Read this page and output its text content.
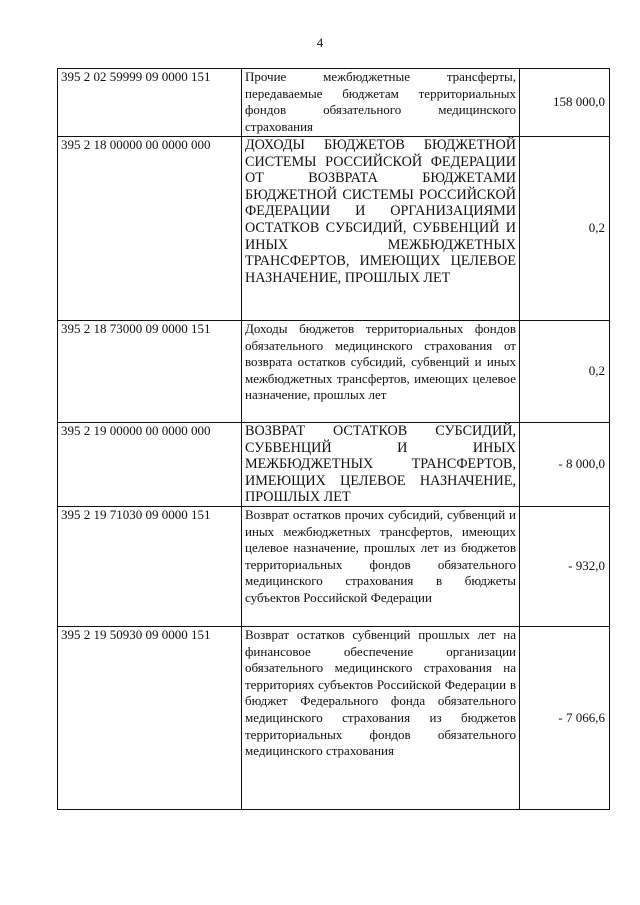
4
395 2 02 59999 09 0000 151	Прочие межбюджетные трансферты, передаваемые бюджетам территориальных фондов обязательного медицинского страхования	158 000,0
395 2 18 00000 00 0000 000	ДОХОДЫ БЮДЖЕТОВ БЮДЖЕТНОЙ СИСТЕМЫ РОССИЙСКОЙ ФЕДЕРАЦИИ ОТ ВОЗВРАТА БЮДЖЕТАМИ БЮДЖЕТНОЙ СИСТЕМЫ РОССИЙСКОЙ ФЕДЕРАЦИИ И ОРГАНИЗАЦИЯМИ ОСТАТКОВ СУБСИДИЙ, СУБВЕНЦИЙ И ИНЫХ МЕЖБЮДЖЕТНЫХ ТРАНСФЕРТОВ, ИМЕЮЩИХ ЦЕЛЕВОЕ НАЗНАЧЕНИЕ, ПРОШЛЫХ ЛЕТ	0,2
395 2 18 73000 09 0000 151	Доходы бюджетов территориальных фондов обязательного медицинского страхования от возврата остатков субсидий, субвенций и иных межбюджетных трансфертов, имеющих целевое назначение, прошлых лет	0,2
395 2 19 00000 00 0000 000	ВОЗВРАТ ОСТАТКОВ СУБСИДИЙ, СУБВЕНЦИЙ И ИНЫХ МЕЖБЮДЖЕТНЫХ ТРАНСФЕРТОВ, ИМЕЮЩИХ ЦЕЛЕВОЕ НАЗНАЧЕНИЕ, ПРОШЛЫХ ЛЕТ	- 8 000,0
395 2 19 71030 09 0000 151	Возврат остатков прочих субсидий, субвенций и иных межбюджетных трансфертов, имеющих целевое назначение, прошлых лет из бюджетов территориальных фондов обязательного медицинского страхования в бюджеты субъектов Российской Федерации	- 932,0
395 2 19 50930 09 0000 151	Возврат остатков субвенций прошлых лет на финансовое обеспечение организации обязательного медицинского страхования на территориях субъектов Российской Федерации в бюджет Федерального фонда обязательного медицинского страхования из бюджетов территориальных фондов обязательного медицинского страхования	- 7 066,6
